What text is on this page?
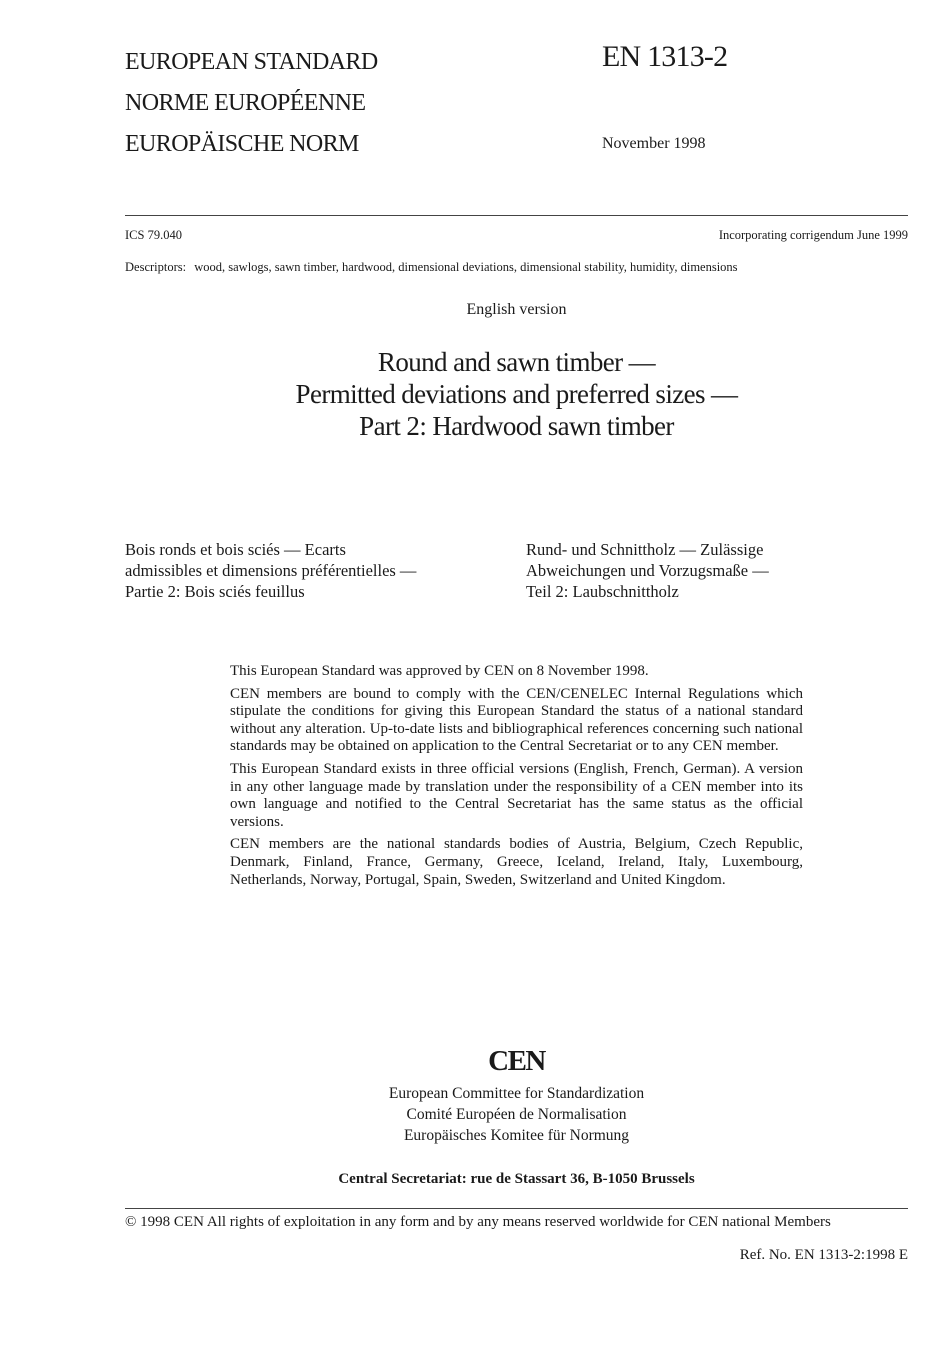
EUROPEAN STANDARD
NORME EUROPÉENNE
EUROPÄISCHE NORM
EN 1313-2
November 1998
ICS 79.040	Incorporating corrigendum June 1999
Descriptors: wood, sawlogs, sawn timber, hardwood, dimensional deviations, dimensional stability, humidity, dimensions
English version
Round and sawn timber —
Permitted deviations and preferred sizes —
Part 2: Hardwood sawn timber
Bois ronds et bois sciés — Ecarts
admissibles et dimensions préférentielles —
Partie 2: Bois sciés feuillus
Rund- und Schnittholz — Zulässige
Abweichungen und Vorzugsmaße —
Teil 2: Laubschnittholz

This European Standard was approved by CEN on 8 November 1998.

CEN members are bound to comply with the CEN/CENELEC Internal Regulations which stipulate the conditions for giving this European Standard the status of a national standard without any alteration. Up-to-date lists and bibliographical references concerning such national standards may be obtained on application to the Central Secretariat or to any CEN member.

This European Standard exists in three official versions (English, French, German). A version in any other language made by translation under the responsibility of a CEN member into its own language and notified to the Central Secretariat has the same status as the official versions.

CEN members are the national standards bodies of Austria, Belgium, Czech Republic, Denmark, Finland, France, Germany, Greece, Iceland, Ireland, Italy, Luxembourg, Netherlands, Norway, Portugal, Spain, Sweden, Switzerland and United Kingdom.

CEN
European Committee for Standardization
Comité Européen de Normalisation
Europäisches Komitee für Normung
Central Secretariat: rue de Stassart 36, B-1050 Brussels
© 1998 CEN All rights of exploitation in any form and by any means reserved worldwide for CEN national Members
Ref. No. EN 1313-2:1998 E
